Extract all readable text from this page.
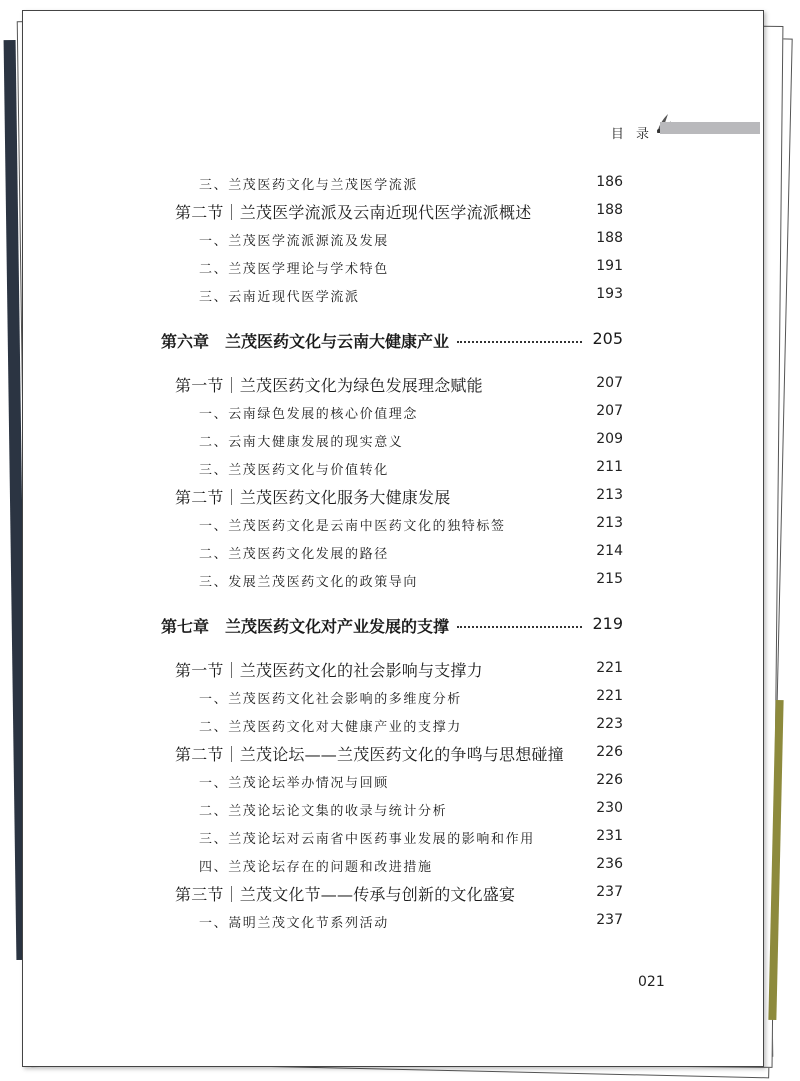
目 录
三、兰茂医药文化与兰茂医学流派	186
第二节｜兰茂医学流派及云南近现代医学流派概述	188
一、兰茂医学流派源流及发展	188
二、兰茂医学理论与学术特色	191
三、云南近现代医学流派	193
第六章　兰茂医药文化与云南大健康产业	205
第一节｜兰茂医药文化为绿色发展理念赋能	207
一、云南绿色发展的核心价值理念	207
二、云南大健康发展的现实意义	209
三、兰茂医药文化与价值转化	211
第二节｜兰茂医药文化服务大健康发展	213
一、兰茂医药文化是云南中医药文化的独特标签	213
二、兰茂医药文化发展的路径	214
三、发展兰茂医药文化的政策导向	215
第七章　兰茂医药文化对产业发展的支撑	219
第一节｜兰茂医药文化的社会影响与支撑力	221
一、兰茂医药文化社会影响的多维度分析	221
二、兰茂医药文化对大健康产业的支撑力	223
第二节｜兰茂论坛——兰茂医药文化的争鸣与思想碰撞 226
一、兰茂论坛举办情况与回顾	226
二、兰茂论坛论文集的收录与统计分析	230
三、兰茂论坛对云南省中医药事业发展的影响和作用	231
四、兰茂论坛存在的问题和改进措施	236
第三节｜兰茂文化节——传承与创新的文化盛宴	237
一、嵩明兰茂文化节系列活动	237
021
